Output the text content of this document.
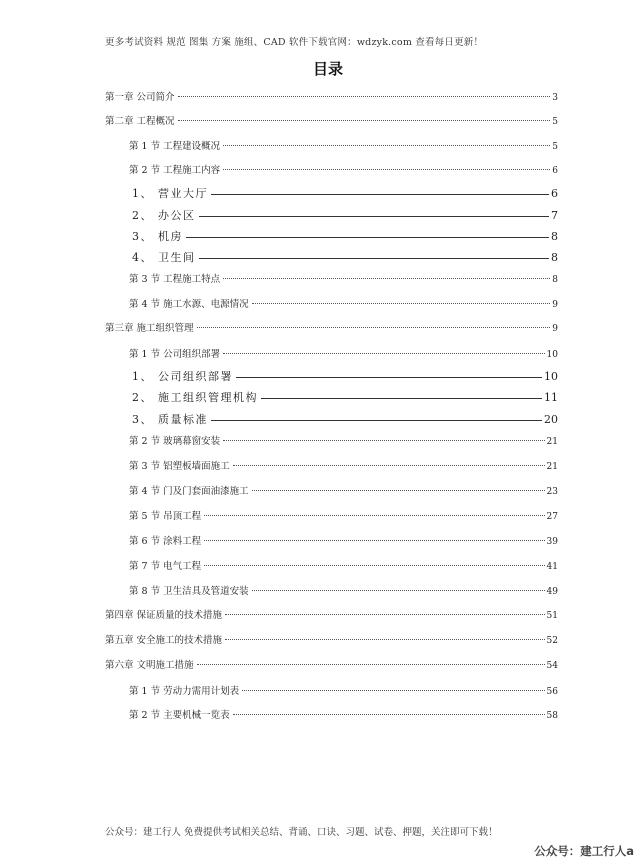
更多考试资料 规范 图集 方案 施组、CAD 软件下载官网：wdzyk.com 查看每日更新！
目录
第一章 公司简介	3
第二章 工程概况	5
第 1 节 工程建设概况	5
第 2 节 工程施工内容	6
1、 营业大厅	6
2、 办公区	7
3、 机房	8
4、 卫生间	8
第 3 节 工程施工特点	8
第 4 节 施工水源、电源情况	9
第三章 施工组织管理	9
第 1 节 公司组织部署	10
1、 公司组织部署	10
2、 施工组织管理机构	11
3、 质量标准	20
第 2 节 玻璃幕窗安装	21
第 3 节 铝塑板墙面施工	21
第 4 节 门及门套面油漆施工	23
第 5 节 吊顶工程	27
第 6 节 涂料工程	39
第 7 节 电气工程	41
第 8 节 卫生洁具及管道安装	49
第四章 保证质量的技术措施	51
第五章 安全施工的技术措施	52
第六章 文明施工措施	54
第 1 节 劳动力需用计划表	56
第 2 节 主要机械一览表	58
公众号：建工行人 免费提供考试相关总结、背诵、口诀、习题、试卷、押题，关注即可下载！
公众号：建工行人a
